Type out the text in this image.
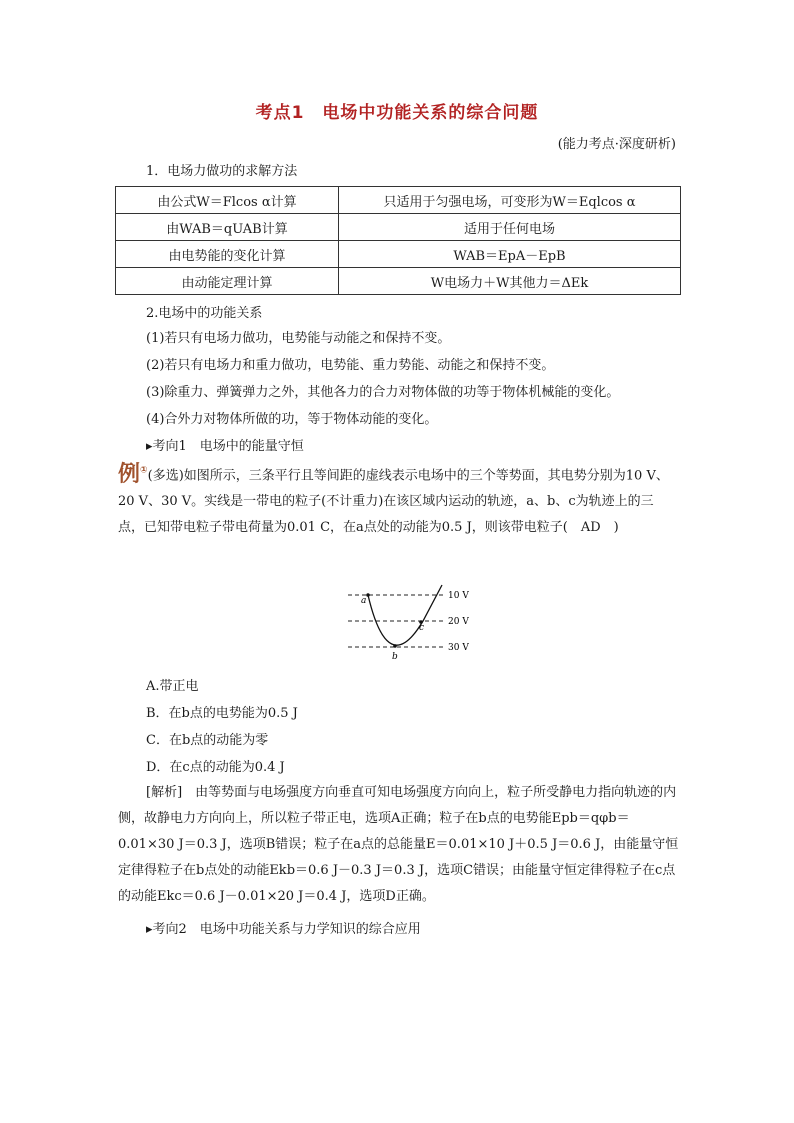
考点1 电场中功能关系的综合问题
(能力考点·深度研析)
1．电场力做功的求解方法
由公式W＝Flcos α计算	只适用于匀强电场，可变形为W＝Eqlcos α
由WAB＝qUAB计算	适用于任何电场
由电势能的变化计算	WAB＝EpA－EpB
由动能定理计算	W电场力＋W其他力＝ΔEk
2.电场中的功能关系
(1)若只有电场力做功，电势能与动能之和保持不变。
(2)若只有电场力和重力做功，电势能、重力势能、动能之和保持不变。
(3)除重力、弹簧弹力之外，其他各力的合力对物体做的功等于物体机械能的变化。
(4)合外力对物体所做的功，等于物体动能的变化。
▸考向1　电场中的能量守恒
例①(多选)如图所示，三条平行且等间距的虚线表示电场中的三个等势面，其电势分别为10 V、20 V、30 V。实线是一带电的粒子(不计重力)在该区域内运动的轨迹，a、b、c为轨迹上的三点，已知带电粒子带电荷量为0.01 C，在a点处的动能为0.5 J，则该带电粒子(　AD　)
a
b
c
10 V
20 V
30 V
A.带正电
B．在b点的电势能为0.5 J
C．在b点的动能为零
D．在c点的动能为0.4 J
[解析]　由等势面与电场强度方向垂直可知电场强度方向向上，粒子所受静电力指向轨迹的内侧，故静电力方向向上，所以粒子带正电，选项A正确；粒子在b点的电势能Epb＝qφb＝0.01×30 J＝0.3 J，选项B错误；粒子在a点的总能量E＝0.01×10 J＋0.5 J＝0.6 J，由能量守恒定律得粒子在b点处的动能Ekb＝0.6 J－0.3 J＝0.3 J，选项C错误；由能量守恒定律得粒子在c点的动能Ekc＝0.6 J－0.01×20 J＝0.4 J，选项D正确。
▸考向2　电场中功能关系与力学知识的综合应用
